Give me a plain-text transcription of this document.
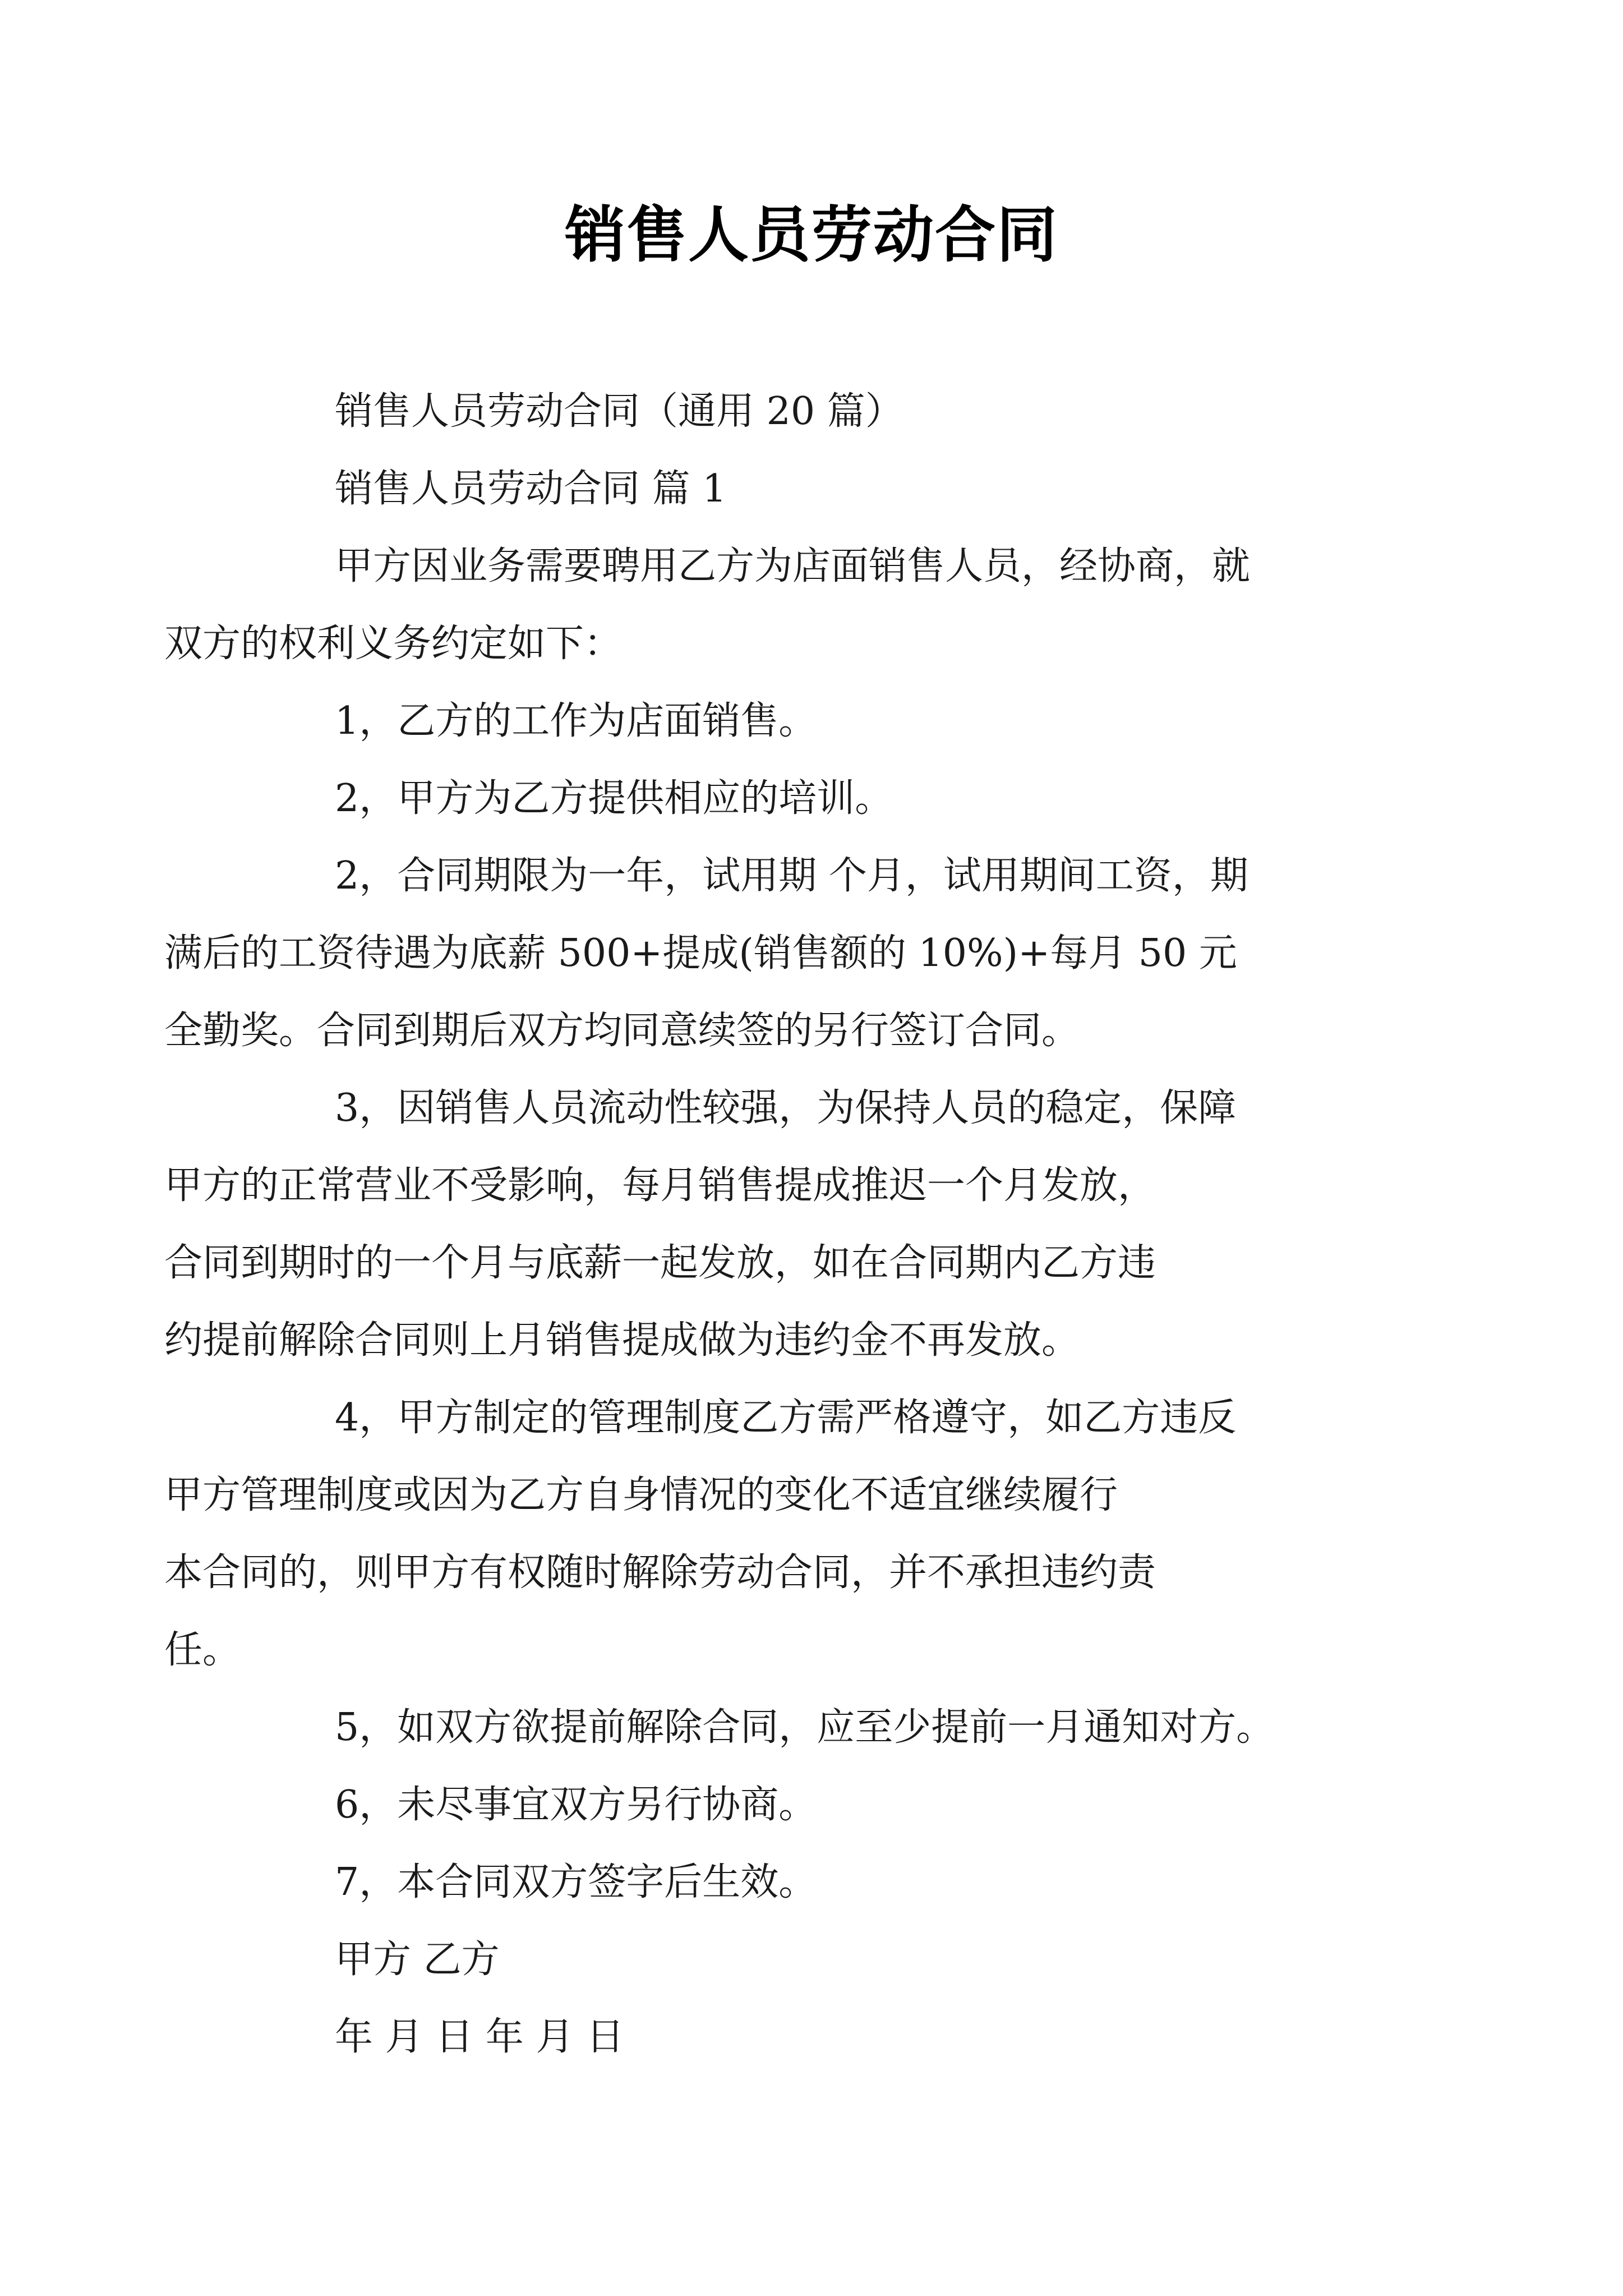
销售人员劳动合同

销售人员劳动合同（通用 20 篇）

销售人员劳动合同 篇 1

甲方因业务需要聘用乙方为店面销售人员，经协商，就
双方的权利义务约定如下：

1，乙方的工作为店面销售。

2，甲方为乙方提供相应的培训。

2，合同期限为一年，试用期 个月，试用期间工资，期
满后的工资待遇为底薪 500+提成(销售额的 10%)+每月 50 元
全勤奖。合同到期后双方均同意续签的另行签订合同。

3，因销售人员流动性较强，为保持人员的稳定，保障
甲方的正常营业不受影响，每月销售提成推迟一个月发放，
合同到期时的一个月与底薪一起发放，如在合同期内乙方违
约提前解除合同则上月销售提成做为违约金不再发放。

4，甲方制定的管理制度乙方需严格遵守，如乙方违反
甲方管理制度或因为乙方自身情况的变化不适宜继续履行
本合同的，则甲方有权随时解除劳动合同，并不承担违约责
任。

5，如双方欲提前解除合同，应至少提前一月通知对方。

6，未尽事宜双方另行协商。

7，本合同双方签字后生效。

甲方 乙方

年 月 日 年 月 日
